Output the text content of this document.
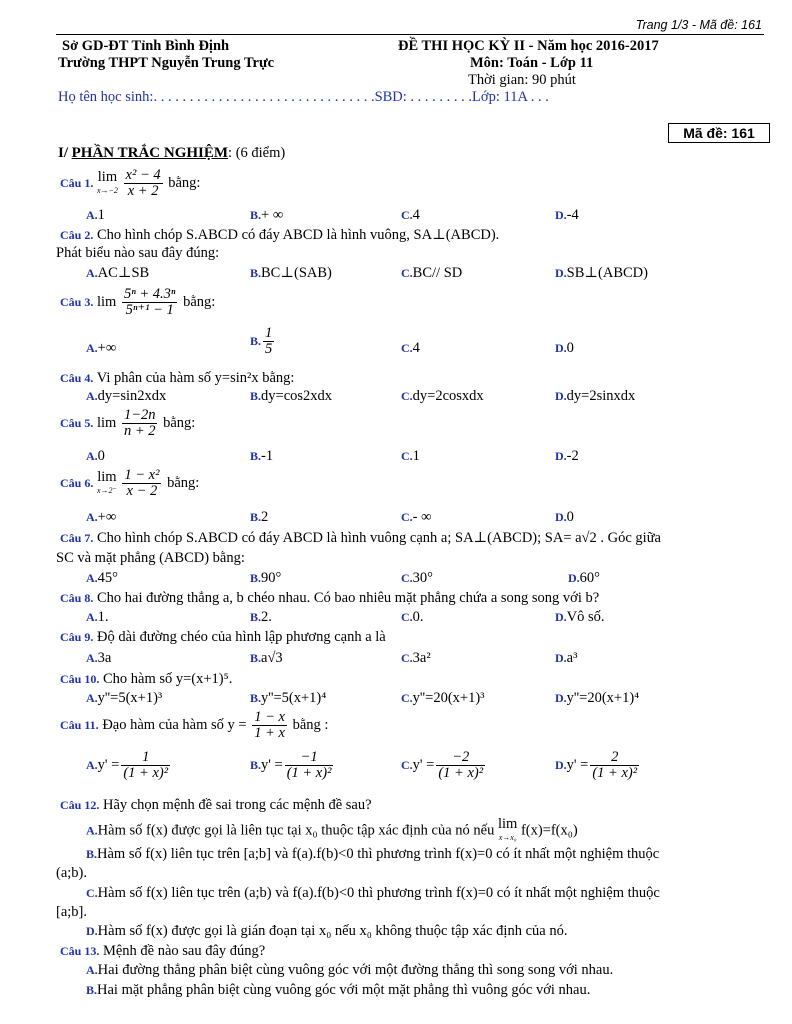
Trang 1/3 - Mã đề: 161
Sở GD-ĐT Tỉnh Bình Định
Trường THPT Nguyễn Trung Trực
ĐỀ THI HỌC KỲ II - Năm học 2016-2017
Môn: Toán - Lớp 11
Thời gian: 90 phút
Họ tên học sinh:. . . . . . . . . . . . . . . . . . . . . . . . . . . . . . .SBD: . . . . . . . . .Lớp: 11A . . .
Mã đề: 161
I/ PHẦN TRẮC NGHIỆM: (6 điểm)
Câu 1. lim
x→−2
$\frac{\text{x² − 4}}{x + 2}$ bằng:
A.1	B.+ ∞	C.4	D.-4
Câu 2. Cho hình chóp S.ABCD có đáy ABCD là hình vuông, SA⊥(ABCD).
Phát biểu nào sau đây đúng:
A.AC⊥SB	B.BC⊥(SAB)	C.BC// SD	D.SB⊥(ABCD)
Câu 3. $\lim \frac{\text{5ⁿ + 4.3ⁿ}}{\text{5ⁿ⁺¹ − 1}}$ bằng:
A.+∞	B. $\frac{1}{5}$	C.4	D.0
Câu 4. Vi phân của hàm số y=sin²x bằng:
A.dy=sin2xdx	B.dy=cos2xdx	C.dy=2cosxdx	D.dy=2sinxdx
Câu 5. $\lim \frac{1-2n}{n + 2}$ bằng:
A.0	B.-1	C.1	D.-2
Câu 6. lim
x→2⁻
$\frac{\text{1 − x²}}{x - 2}$ bằng:
A.+∞	B.2	C.- ∞	D.0
Câu 7. Cho hình chóp S.ABCD có đáy ABCD là hình vuông cạnh a; SA⊥(ABCD); SA= a√2 . Góc giữa
SC và mặt phẳng (ABCD) bằng:
A.45°	B.90°	C.30°	D.60°
Câu 8. Cho hai đường thẳng a, b chéo nhau. Có bao nhiêu mặt phẳng chứa a song song với b?
A.1.	B.2.	C.0.	D.Vô số.
Câu 9. Độ dài đường chéo của hình lập phương cạnh a là
A.3a	B.a√3	C.3a²	D.a³
Câu 10. Cho hàm số y=(x+1)⁵.
A.y''=5(x+1)³	B.y''=5(x+1)⁴	C.y''=20(x+1)³	D.y''=20(x+1)⁴
Câu 11. Đạo hàm của hàm số $y = \frac{1 - x}{1 + x}$ bằng :
$A.y' = \frac{1}{\text{(1 + x)²}}$	$B.y' = \frac{-1}{\text{(1 + x)²}}$	$C.y' = \frac{-2}{\text{(1 + x)²}}$	$D.y' = \frac{2}{\text{(1 + x)²}}$
Câu 12. Hãy chọn mệnh đề sai trong các mệnh đề sau?
A.Hàm số f(x) được gọi là liên tục tại x₀ thuộc tập xác định của nó nếu lim
x→x₀ f(x)=f(x₀)
B.Hàm số f(x) liên tục trên [a;b] và f(a).f(b)<0 thì phương trình f(x)=0 có ít nhất một nghiệm thuộc
(a;b).
C.Hàm số f(x) liên tục trên (a;b) và f(a).f(b)<0 thì phương trình f(x)=0 có ít nhất một nghiệm thuộc
[a;b].
D.Hàm số f(x) được gọi là gián đoạn tại x₀ nếu x₀ không thuộc tập xác định của nó.
Câu 13. Mệnh đề nào sau đây đúng?
A.Hai đường thẳng phân biệt cùng vuông góc với một đường thẳng thì song song với nhau.
B.Hai mặt phẳng phân biệt cùng vuông góc với một mặt phẳng thì vuông góc với nhau.
